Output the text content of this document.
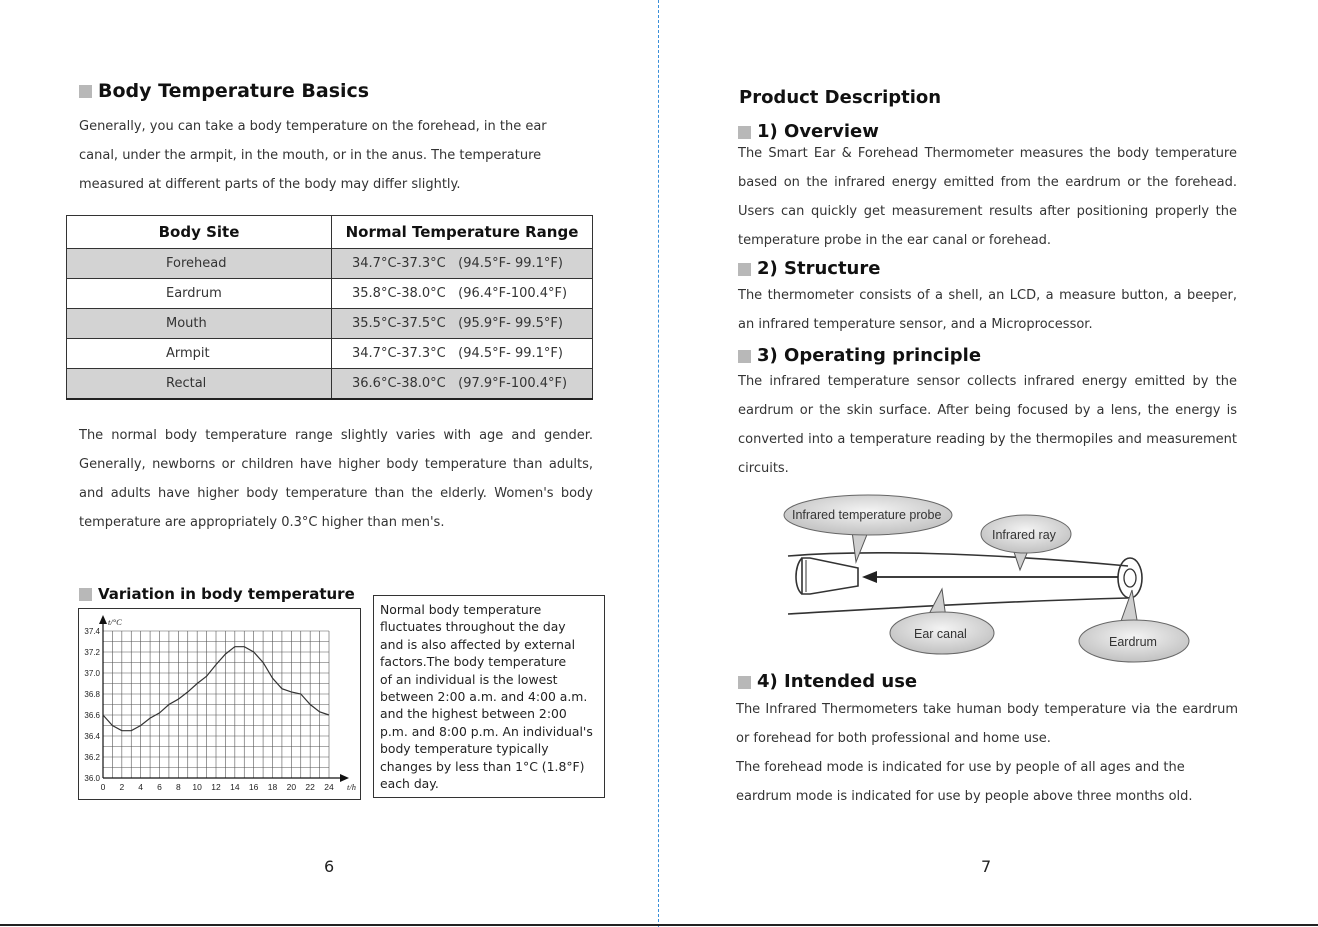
Body Temperature Basics
Generally, you can take a body temperature on the forehead, in the ear
canal, under the armpit, in the mouth, or in the anus. The temperature
measured at different parts of the body may differ slightly.
Body Site	Normal Temperature Range
Forehead	34.7°C-37.3°C   (94.5°F- 99.1°F)
Eardrum	35.8°C-38.0°C   (96.4°F-100.4°F)
Mouth	35.5°C-37.5°C   (95.9°F- 99.5°F)
Armpit	34.7°C-37.3°C   (94.5°F- 99.1°F)
Rectal	36.6°C-38.0°C   (97.9°F-100.4°F)
The normal body temperature range slightly varies with age and gender.
Generally, newborns or children have higher body temperature than adults,
and adults have higher body temperature than the elderly. Women's body
temperature are appropriately 0.3°C higher than men's.
Variation in body temperature
0 2 4 6 8 10 12 14 16 18 20 22 24
36.0
36.2
36.4
36.6
36.8
37.0
37.2
37.4
t/°C
t/h
Normal body temperature
fluctuates throughout the day
and is also affected by external
factors.The body temperature
of an individual is the lowest
between 2:00 a.m. and 4:00 a.m.
and the highest between 2:00
p.m. and 8:00 p.m. An individual's
body temperature typically
changes by less than 1°C (1.8°F)
each day.
6
Product Description
1) Overview
The Smart Ear & Forehead Thermometer measures the body temperature
based on the infrared energy emitted from the eardrum or the forehead.
Users can quickly get measurement results after positioning properly the
temperature probe in the ear canal or forehead.
2) Structure
The thermometer consists of a shell, an LCD, a measure button, a beeper,
an infrared temperature sensor, and a Microprocessor.
3) Operating principle
The infrared temperature sensor collects infrared energy emitted by the
eardrum or the skin surface. After being focused by a lens, the energy is
converted into a temperature reading by the thermopiles and measurement
circuits.
Infrared temperature probe
Infrared ray
Ear canal
Eardrum
4) Intended use
The Infrared Thermometers take human body temperature via the eardrum
or forehead for both professional and home use.
The forehead mode is indicated for use by people of all ages and the
eardrum mode is indicated for use by people above three months old.
7
